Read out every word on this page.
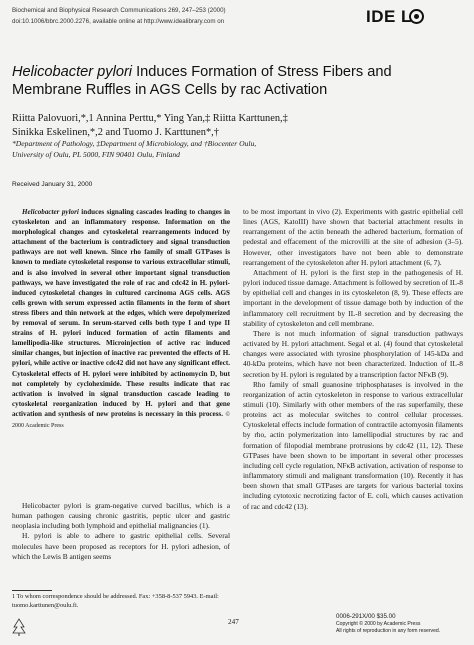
Biochemical and Biophysical Research Communications 269, 247–253 (2000)
doi:10.1006/bbrc.2000.2276, available online at http://www.idealibrary.com on	IDE L
Helicobacter pylori Induces Formation of Stress Fibers and Membrane Ruffles in AGS Cells by rac Activation
Riitta Palovuori,*,1 Annina Perttu,* Ying Yan,‡ Riitta Karttunen,‡
Sinikka Eskelinen,*,2 and Tuomo J. Karttunen*,†
*Department of Pathology, ‡Department of Microbiology, and †Biocenter Oulu,
University of Oulu, PL 5000, FIN 90401 Oulu, Finland
Received January 31, 2000

Helicobacter pylori induces signaling cascades leading to changes in cytoskeleton and an inflammatory response. Information on the morphological changes and cytoskeletal rearrangements induced by attachment of the bacterium is contradictory and signal transduction pathways are not well known. Since rho family of small GTPases is known to mediate cytoskeletal response to various extracellular stimuli, and is also involved in several other important signal transduction pathways, we have investigated the role of rac and cdc42 in H. pylori-induced cytoskeletal changes in cultured carcinoma AGS cells. AGS cells grown with serum expressed actin filaments in the form of short stress fibers and thin network at the edges, which were depolymerized by removal of serum. In serum-starved cells both type I and type II strains of H. pylori induced formation of actin filaments and lamellipodia-like structures. Microinjection of active rac induced similar changes, but injection of inactive rac prevented the effects of H. pylori, while active or inactive cdc42 did not have any significant effect. Cytoskeletal effects of H. pylori were inhibited by actinomycin D, but not completely by cycloheximide. These results indicate that rac activation is involved in signal transduction cascade leading to cytoskeletal reorganization induced by H. pylori and that gene activation and synthesis of new proteins is necessary in this process. © 2000 Academic Press

Helicobacter pylori is gram-negative curved bacillus, which is a human pathogen causing chronic gastritis, peptic ulcer and gastric neoplasia including both lymphoid and epithelial malignancies (1).

H. pylori is able to adhere to gastric epithelial cells. Several molecules have been proposed as receptors for H. pylori adhesion, of which the Lewis B antigen seems

to be most important in vivo (2). Experiments with gastric epithelial cell lines (AGS, KatoIII) have shown that bacterial attachment results in rearrangement of the actin beneath the adhered bacterium, formation of pedestal and effacement of the microvilli at the site of adhesion (3–5). However, other investigators have not been able to demonstrate rearrangement of the cytoskeleton after H. pylori attachment (6, 7).

Attachment of H. pylori is the first step in the pathogenesis of H. pylori induced tissue damage. Attachment is followed by secretion of IL-8 by epithelial cell and changes in its cytoskeleton (8, 9). These effects are important in the development of tissue damage both by induction of the inflammatory cell recruitment by IL-8 secretion and by decreasing the stability of cytoskeleton and cell membrane.

There is not much information of signal transduction pathways activated by H. pylori attachment. Segal et al. (4) found that cytoskeletal changes were associated with tyrosine phosphorylation of 145-kDa and 40-kDa proteins, which have not been characterized. Induction of IL-8 secretion by H. pylori is regulated by a transcription factor NFκB (9).

Rho family of small guanosine triphosphatases is involved in the reorganization of actin cytoskeleton in response to various extracellular stimuli (10). Similarly with other members of the ras superfamily, these proteins act as molecular switches to control cellular processes. Cytoskeletal effects include formation of contractile actomyosin filaments by rho, actin polymerization into lamellipodial structures by rac and formation of filopodial membrane protrusions by cdc42 (11, 12). These GTPases have been shown to be important in several other processes including cell cycle regulation, NFκB activation, activation of response to inflammatory stimuli and malignant transformation (10). Recently it has been shown that small GTPases are targets for various bacterial toxins including cytotoxic necrotizing factor of E. coli, which causes activation of rac and cdc42 (13).

1 To whom correspondence should be addressed. Fax: +358-8-537 5943. E-mail: tuomo.karttunen@oulu.fi.
247
0006-291X/00 $35.00
Copyright © 2000 by Academic Press
All rights of reproduction in any form reserved.
